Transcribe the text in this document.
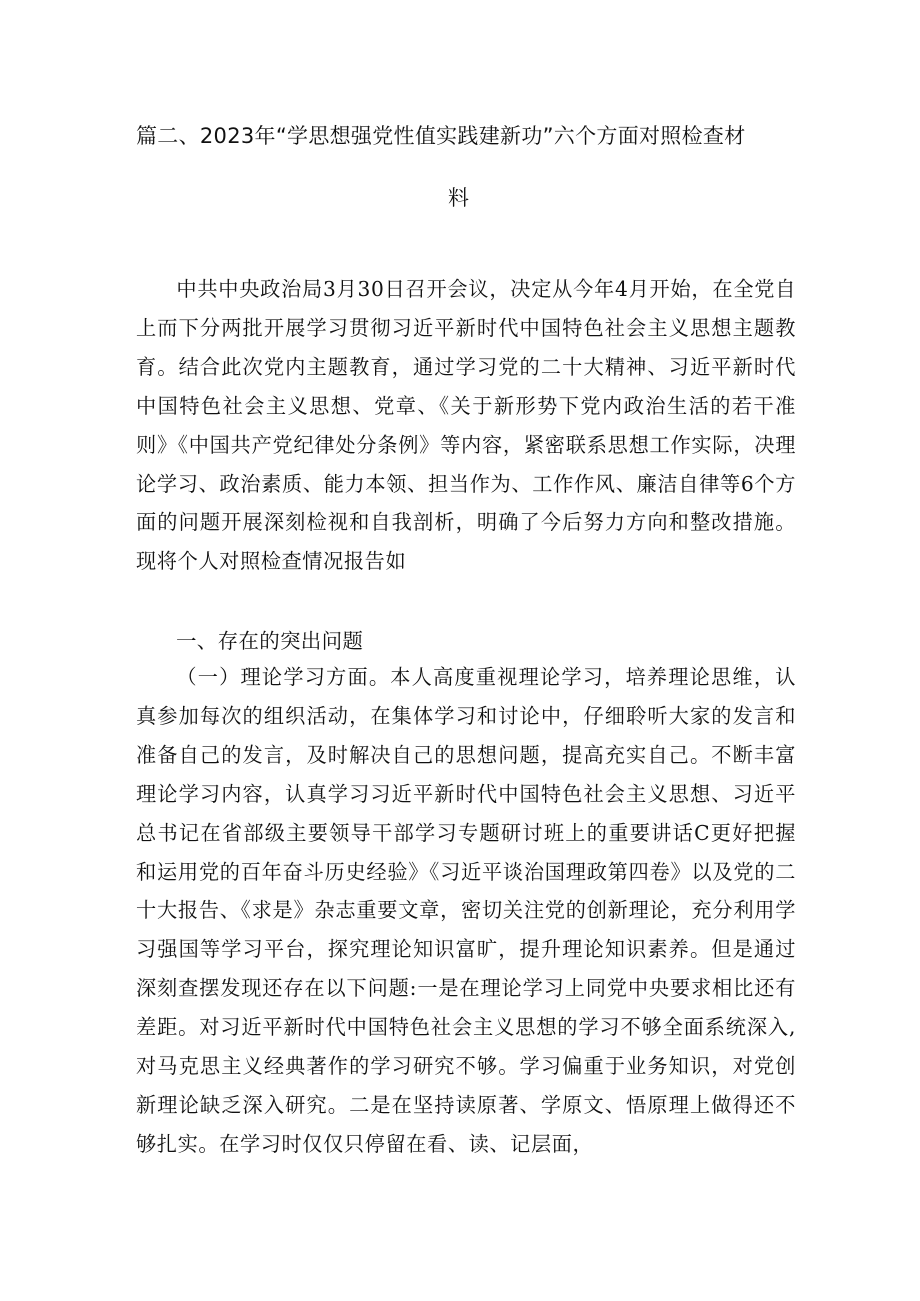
篇二、2023年“学思想强党性值实践建新功”六个方面对照检查材
料

中共中央政治局3月30日召开会议，决定从今年4月开始，在全党自上而下分两批开展学习贯彻习近平新时代中国特色社会主义思想主题教育。结合此次党内主题教育，通过学习党的二十大精神、习近平新时代中国特色社会主义思想、党章、《关于新形势下党内政治生活的若干准则》《中国共产党纪律处分条例》等内容，紧密联系思想工作实际，决理论学习、政治素质、能力本领、担当作为、工作作风、廉洁自律等6个方面的问题开展深刻检视和自我剖析，明确了今后努力方向和整改措施。现将个人对照检查情况报告如

一、存在的突出问题

（一）理论学习方面。本人高度重视理论学习，培养理论思维，认真参加每次的组织活动，在集体学习和讨论中，仔细聆听大家的发言和准备自己的发言，及时解决自己的思想问题，提高充实自己。不断丰富理论学习内容，认真学习习近平新时代中国特色社会主义思想、习近平总书记在省部级主要领导干部学习专题研讨班上的重要讲话C更好把握和运用党的百年奋斗历史经验》《习近平谈治国理政第四卷》以及党的二十大报告、《求是》杂志重要文章，密切关注党的创新理论，充分利用学习强国等学习平台，探究理论知识富旷，提升理论知识素养。但是通过深刻查摆发现还存在以下问题:一是在理论学习上同党中央要求相比还有差距。对习近平新时代中国特色社会主义思想的学习不够全面系统深入,对马克思主义经典著作的学习研究不够。学习偏重于业务知识，对党创新理论缺乏深入研究。二是在坚持读原著、学原文、悟原理上做得还不够扎实。在学习时仅仅只停留在看、读、记层面，
